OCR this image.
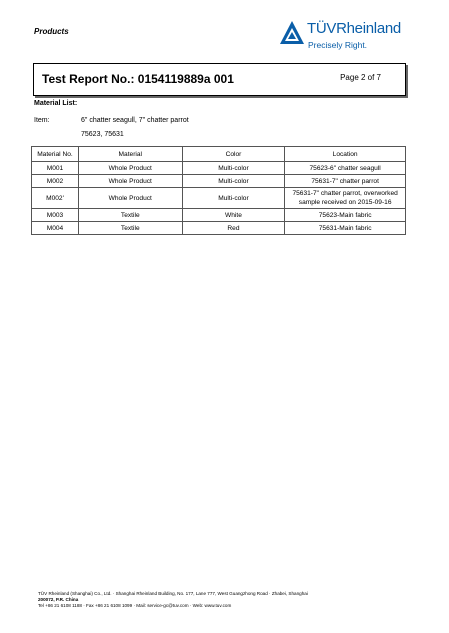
Products	TÜVRheinland
Precisely Right.
Test Report No.: 0154119889a 001	Page 2 of 7
Material List:
Item:	6" chatter seagull, 7" chatter parrot
75623, 75631
Material No.	Material	Color	Location
M001	Whole Product	Multi-color	75623-6" chatter seagull
M002	Whole Product	Multi-color	75631-7" chatter parrot
M002'	Whole Product	Multi-color	75631-7" chatter parrot, overworked sample received on 2015-09-16
M003	Textile	White	75623-Main fabric
M004	Textile	Red	75631-Main fabric
TÜV Rheinland (Shanghai) Co., Ltd. · Shanghai Rheinland Building, No. 177, Lane 777, West Guangzhong Road · Zhabei, Shanghai
200072, P.R. China
Tel +86 21 6108 1188 · Fax +86 21 6108 1099 · Mail: service-gc@tuv.com · Web: www.tuv.com
